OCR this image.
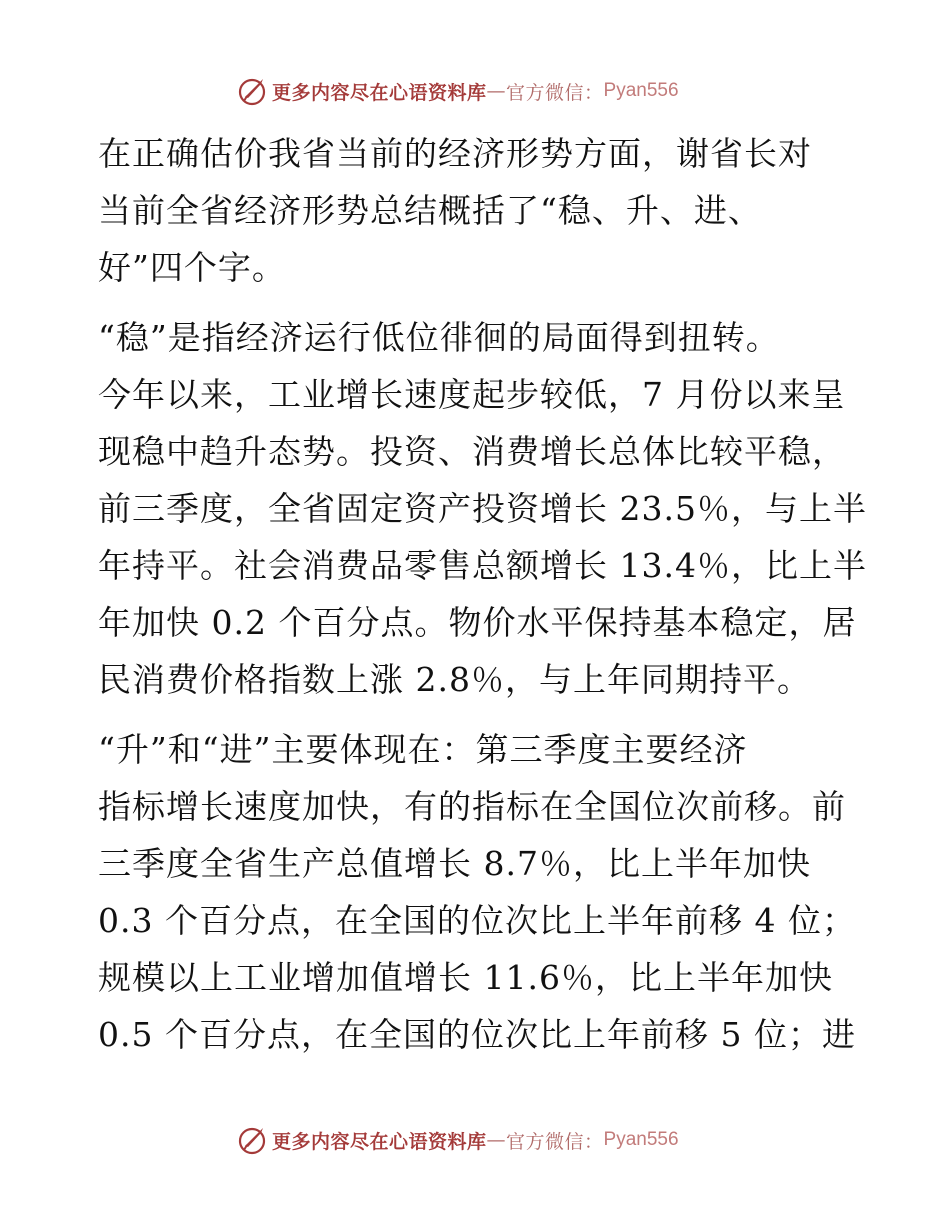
更多内容尽在心语资料库 — 官方微信： Pyan556
在正确估价我省当前的经济形势方面，谢省长对
当前全省经济形势总结概括了“稳、升、进、
好”四个字。
“稳”是指经济运行低位徘徊的局面得到扭转。
今年以来，工业增长速度起步较低，7 月份以来呈
现稳中趋升态势。投资、消费增长总体比较平稳，
前三季度，全省固定资产投资增长 23.5％，与上半
年持平。社会消费品零售总额增长 13.4％，比上半
年加快 0.2 个百分点。物价水平保持基本稳定，居
民消费价格指数上涨 2.8％，与上年同期持平。
“升”和“进”主要体现在：第三季度主要经济
指标增长速度加快，有的指标在全国位次前移。前
三季度全省生产总值增长 8.7％，比上半年加快
0.3 个百分点，在全国的位次比上半年前移 4 位；
规模以上工业增加值增长 11.6％，比上半年加快
0.5 个百分点，在全国的位次比上年前移 5 位；进
更多内容尽在心语资料库 — 官方微信： Pyan556
